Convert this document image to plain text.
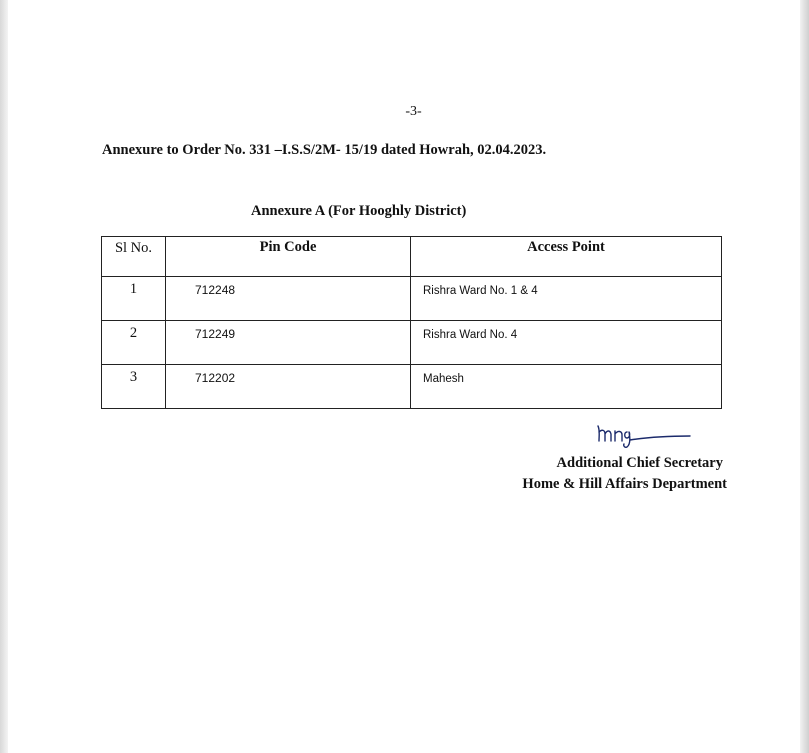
-3-
Annexure to Order No. 331 –I.S.S/2M- 15/19 dated Howrah, 02.04.2023.
Annexure A (For Hooghly District)
Sl No.	Pin Code	Access Point
1	712248	Rishra Ward No. 1 & 4
2	712249	Rishra Ward No. 4
3	712202	Mahesh
Additional Chief Secretary
Home & Hill Affairs Department
